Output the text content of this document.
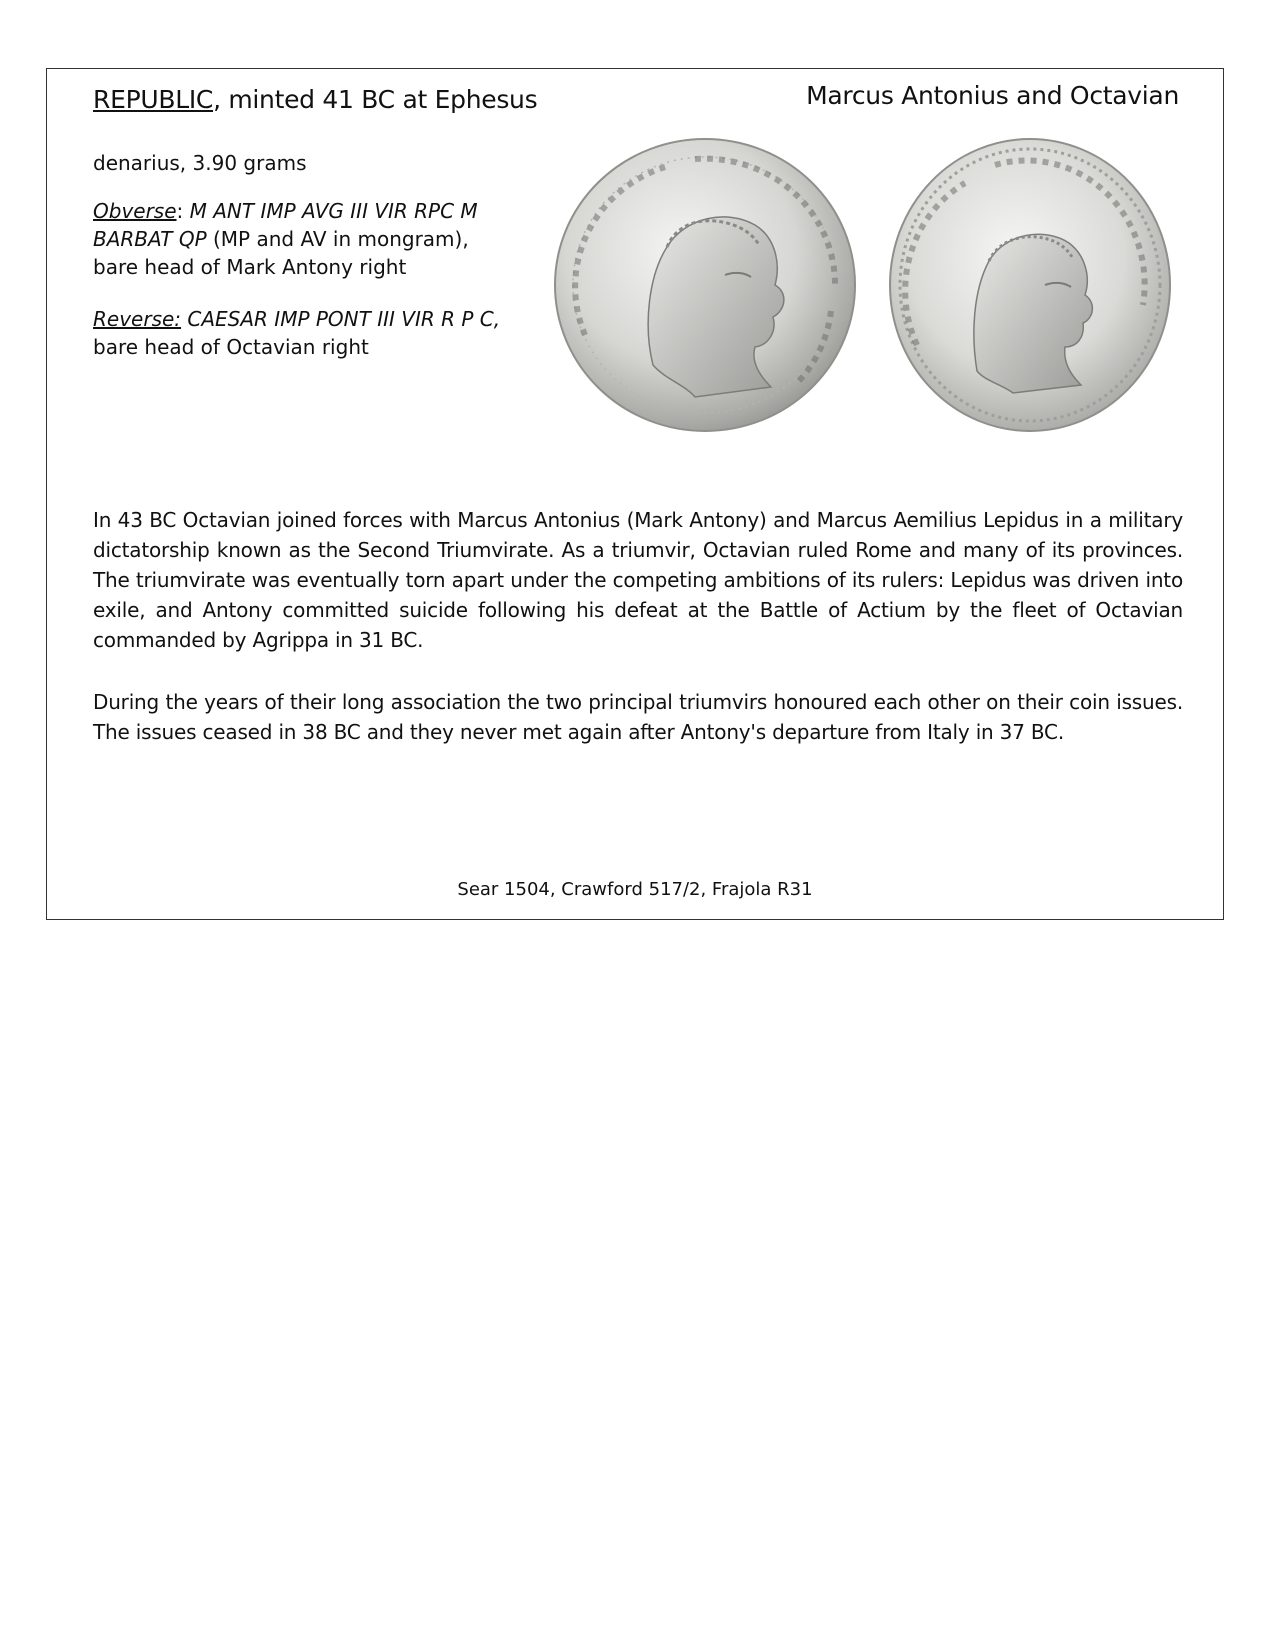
REPUBLIC, minted 41 BC at Ephesus	Marcus Antonius and Octavian
denarius, 3.90 grams
Obverse: M ANT IMP AVG III VIR RPC M BARBAT QP (MP and AV in mongram), bare head of Mark Antony right
Reverse: CAESAR IMP PONT III VIR R P C, bare head of Octavian right
In 43 BC Octavian joined forces with Marcus Antonius (Mark Antony) and Marcus Aemilius Lepidus in a military dictatorship known as the Second Triumvirate. As a triumvir, Octavian ruled Rome and many of its provinces. The triumvirate was eventually torn apart under the competing ambitions of its rulers: Lepidus was driven into exile, and Antony committed suicide following his defeat at the Battle of Actium by the fleet of Octavian commanded by Agrippa in 31 BC.
During the years of their long association the two principal triumvirs honoured each other on their coin issues. The issues ceased in 38 BC and they never met again after Antony's departure from Italy in 37 BC.
Sear 1504, Crawford 517/2, Frajola R31
